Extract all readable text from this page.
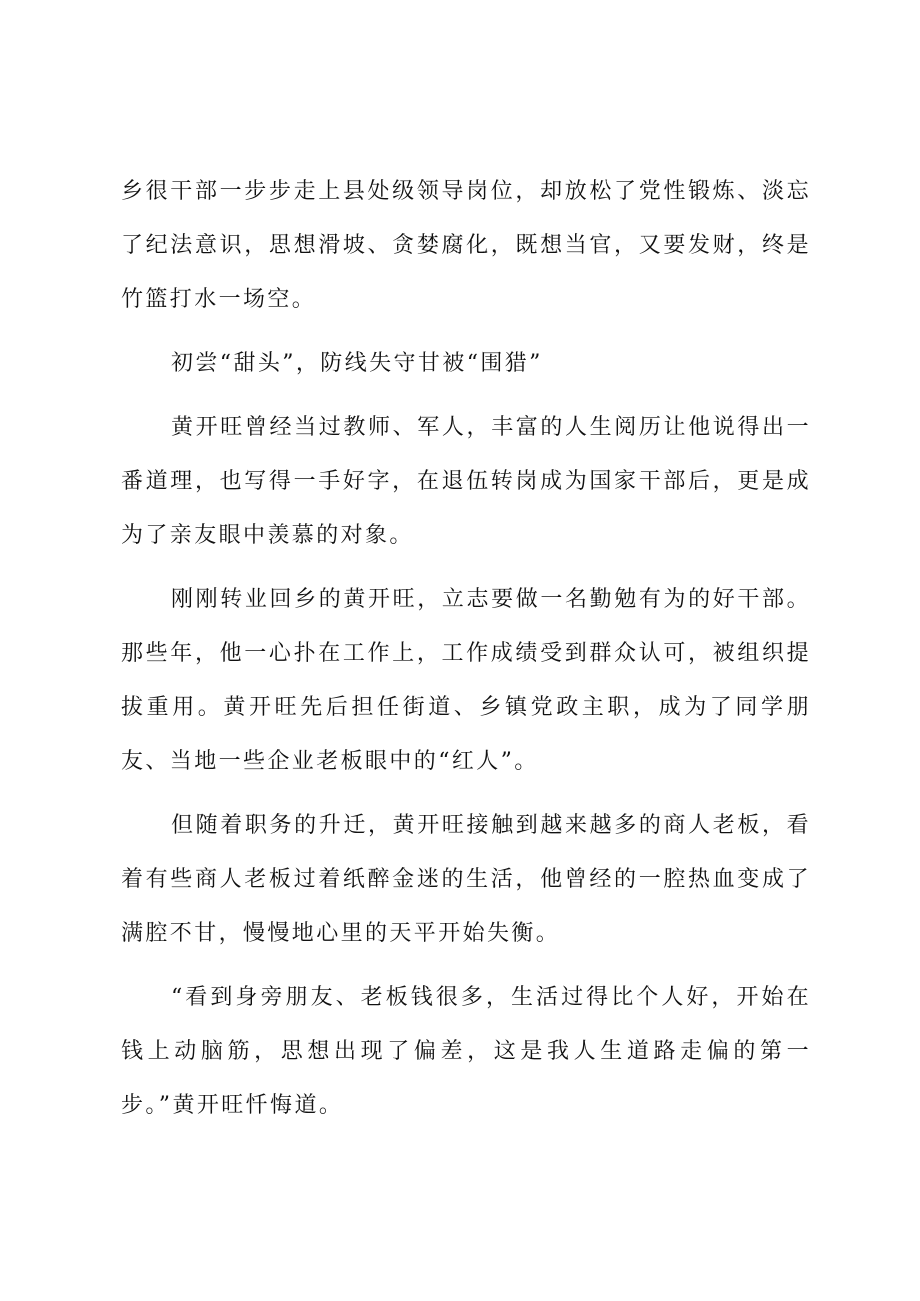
乡很干部一步步走上县处级领导岗位，却放松了党性锻炼、淡忘了纪法意识，思想滑坡、贪婪腐化，既想当官，又要发财，终是竹篮打水一场空。

初尝“甜头”，防线失守甘被“围猎”

黄开旺曾经当过教师、军人，丰富的人生阅历让他说得出一番道理，也写得一手好字，在退伍转岗成为国家干部后，更是成为了亲友眼中羡慕的对象。

刚刚转业回乡的黄开旺，立志要做一名勤勉有为的好干部。那些年，他一心扑在工作上，工作成绩受到群众认可，被组织提拔重用。黄开旺先后担任街道、乡镇党政主职，成为了同学朋友、当地一些企业老板眼中的“红人”。

但随着职务的升迁，黄开旺接触到越来越多的商人老板，看着有些商人老板过着纸醉金迷的生活，他曾经的一腔热血变成了满腔不甘，慢慢地心里的天平开始失衡。

“看到身旁朋友、老板钱很多，生活过得比个人好，开始在钱上动脑筋，思想出现了偏差，这是我人生道路走偏的第一步。”黄开旺忏悔道。
